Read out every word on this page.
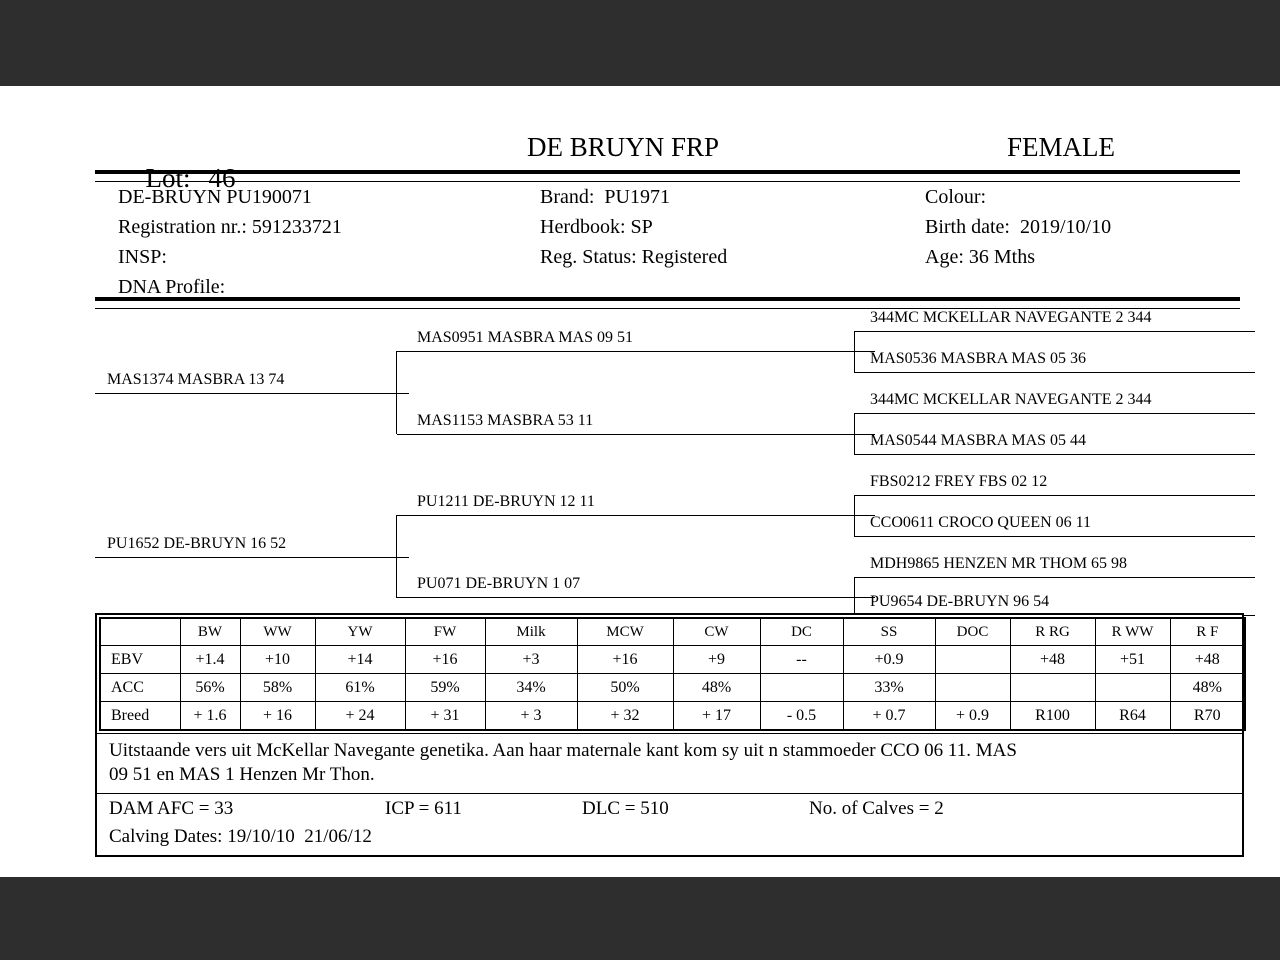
Lot: 46

DE BRUYN FRP	FEMALE
DE-BRUYN PU190071
Registration nr.: 591233721
INSP:
DNA Profile:
Brand:  PU1971
Herdbook: SP
Reg. Status: Registered
Colour:
Birth date:  2019/10/10
Age: 36 Mths
MAS1374 MASBRA 13 74
PU1652 DE-BRUYN 16 52
MAS0951 MASBRA MAS 09 51
MAS1153 MASBRA 53 11
PU1211 DE-BRUYN 12 11
PU071 DE-BRUYN 1 07
344MC MCKELLAR NAVEGANTE 2 344
MAS0536 MASBRA MAS 05 36
344MC MCKELLAR NAVEGANTE 2 344
MAS0544 MASBRA MAS 05 44
FBS0212 FREY FBS 02 12
CCO0611 CROCO QUEEN 06 11
MDH9865 HENZEN MR THOM 65 98
PU9654 DE-BRUYN 96 54
	BW	WW	YW	FW	Milk	MCW	CW	DC	SS	DOC	R RG	R WW	R F
EBV	+1.4	+10	+14	+16	+3	+16	+9	--	+0.9		+48	+51	+48
ACC	56%	58%	61%	59%	34%	50%	48%		33%				48%
Breed	+ 1.6	+ 16	+ 24	+ 31	+ 3	+ 32	+ 17	- 0.5	+ 0.7	+ 0.9	R100	R64	R70
Uitstaande vers uit McKellar Navegante genetika. Aan haar maternale kant kom sy uit n stammoeder CCO 06 11. MAS
09 51 en MAS 1 Henzen Mr Thon.
DAM AFC = 33	ICP = 611	DLC = 510	No. of Calves = 2
Calving Dates: 19/10/10  21/06/12
